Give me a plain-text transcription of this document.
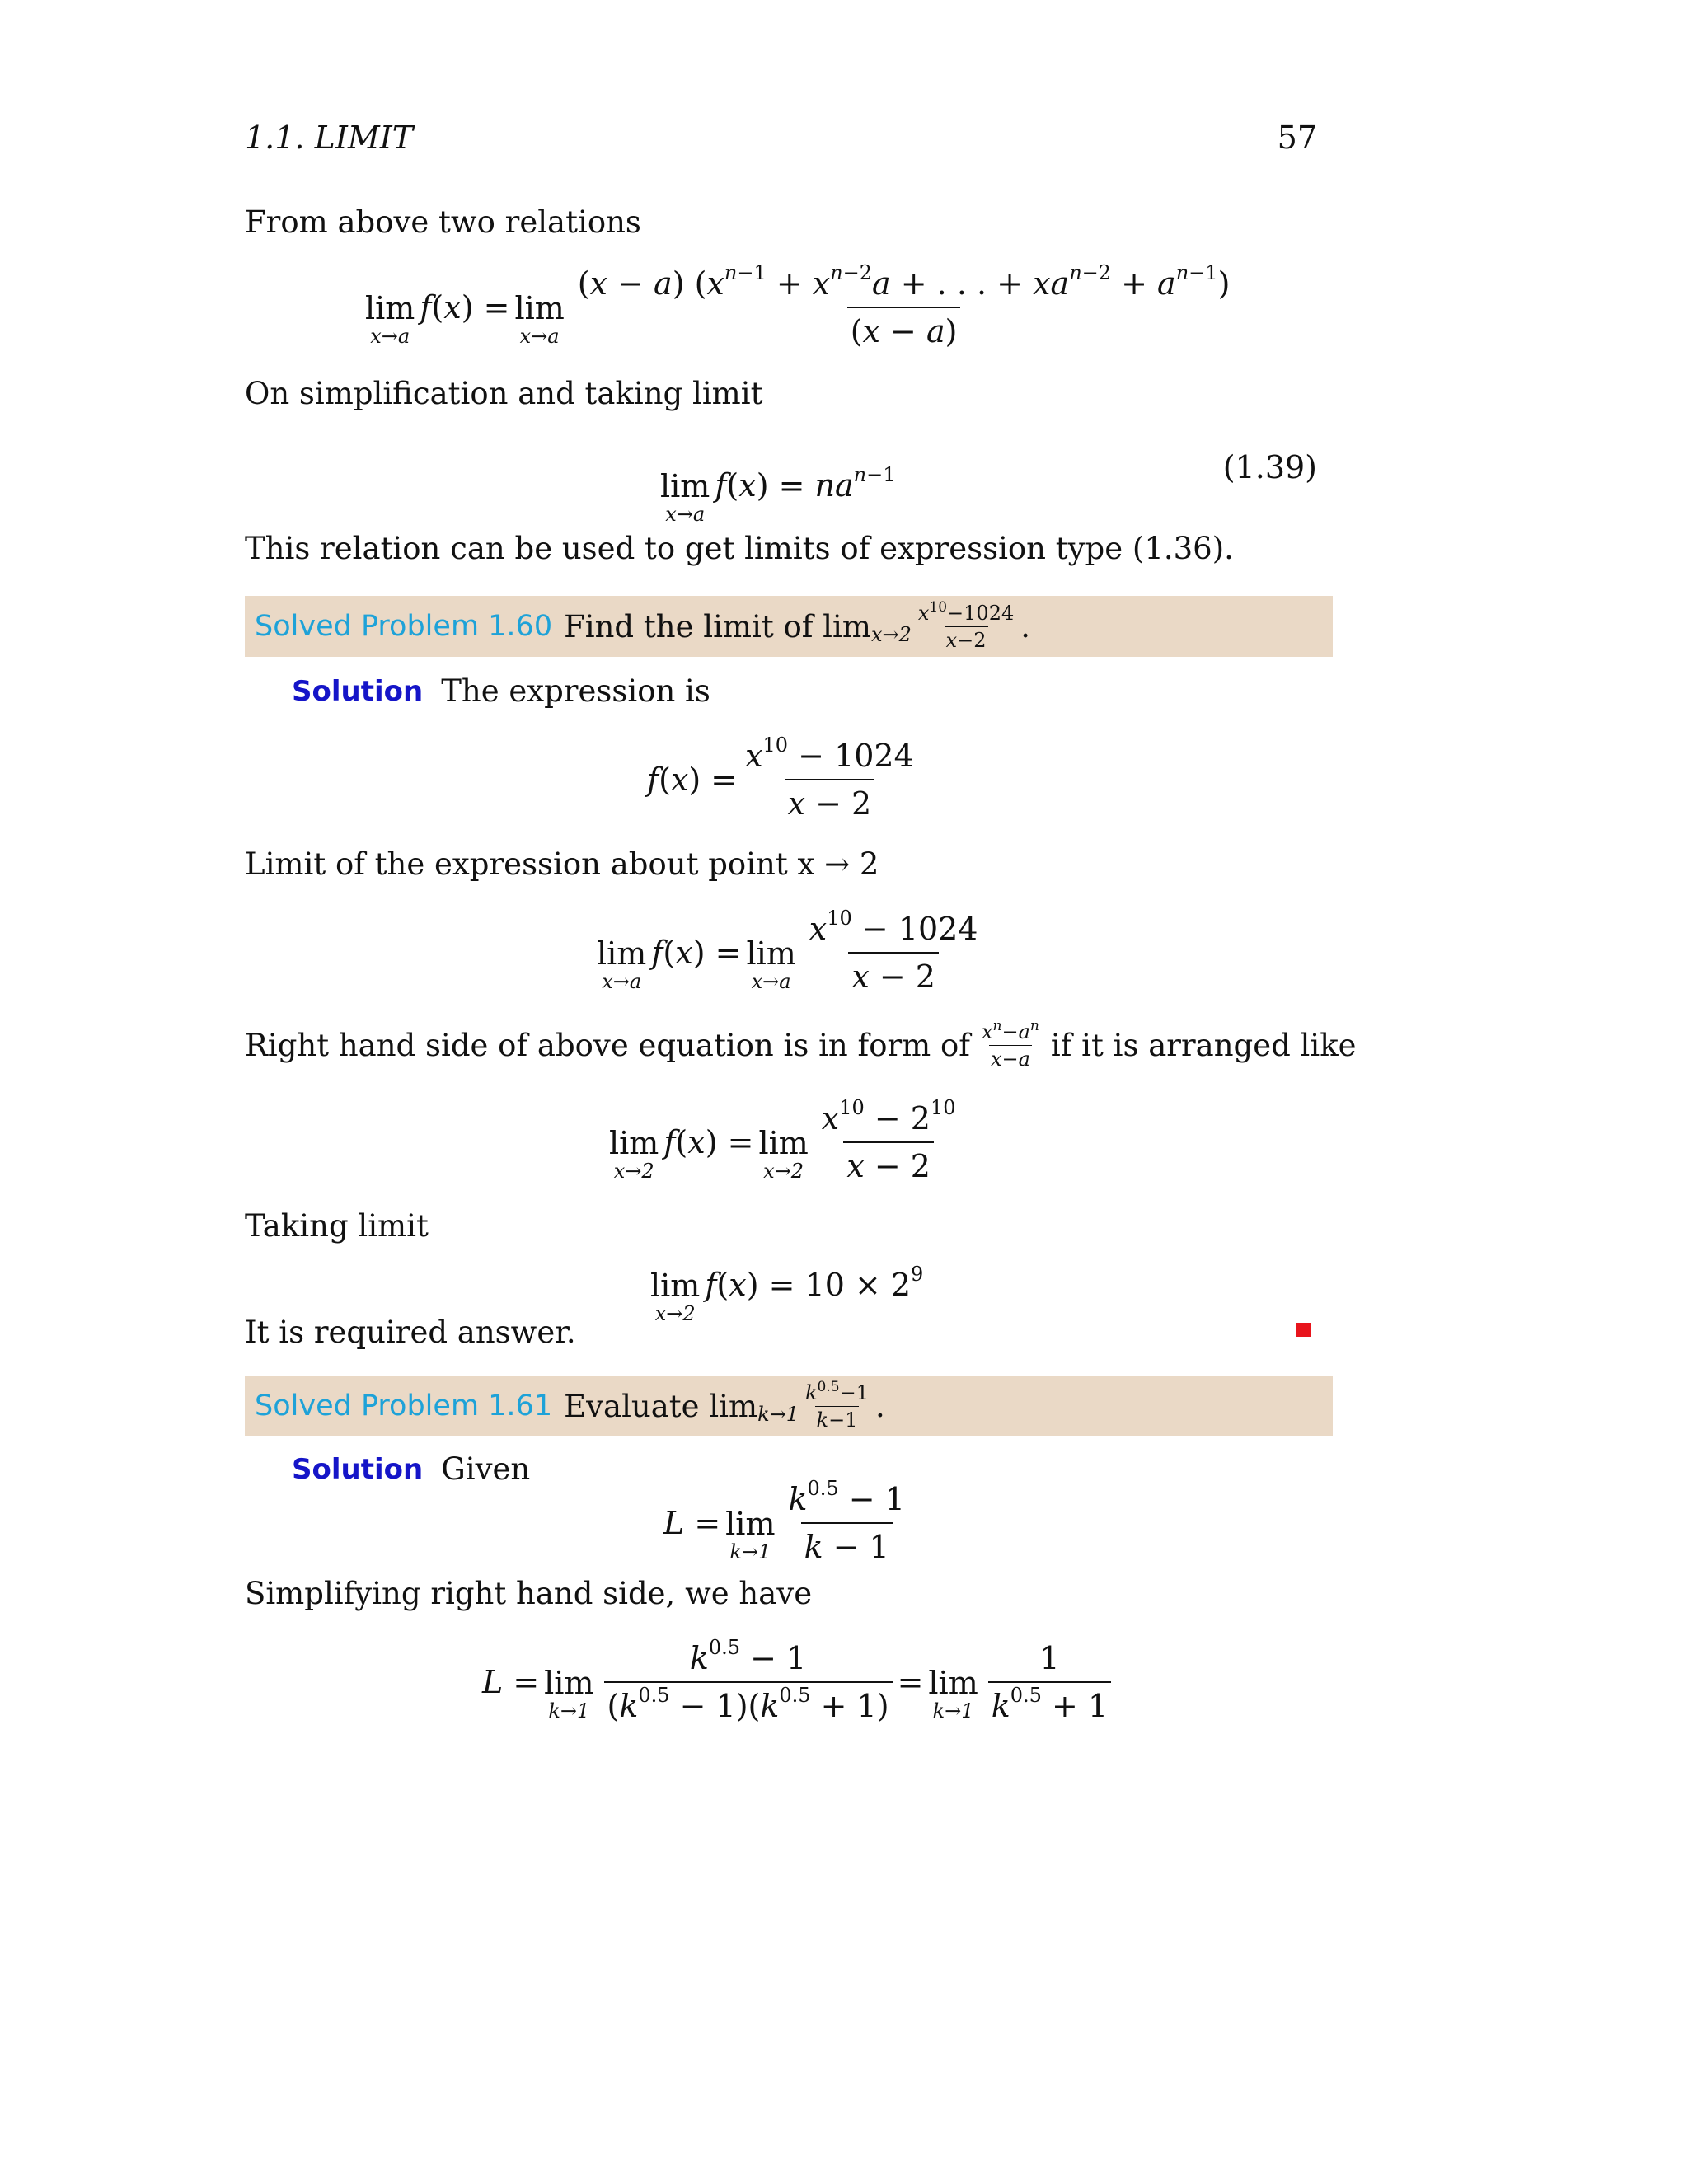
1.1. LIMIT	57
From above two relations
lim
x→a
f(x) = lim
$x\to a \frac{(x - a) (x^{n-1} + x^{n-2}a + . . . + xa^{n-2} + a^{n-1})}{(x - a)}$
On simplification and taking limit
lim
x→a
$f(x) = na^{n-1}$	(1.39)
This relation can be used to get limits of expression type (1.36).
Solved Problem 1.60 Find the limit of $\lim x\to 2 \frac{x^{10}-1024}{x-2}$ .
Solution The expression is
$f(x) = \frac{x^{10} - 1024}{x - 2}$
Limit of the expression about point x → 2
lim
x→a
f(x) = lim
$x\to a \frac{x^{10} - 1024}{x - 2}$
Right hand side of above equation is in form of $\frac{x^n-a^n}{x-a}$ if it is arranged like
lim
x→2
f(x) = lim
$x\to 2 \frac{x^{10} - 2^{10}}{x - 2}$
Taking limit
lim
x→2
$f(x) = 10 \times 2^9$
It is required answer.
Solved Problem 1.61 Evaluate $\lim k\to 1 \frac{k^{0.5}-1}{k-1}$ .
Solution Given
L = lim
$k\to 1 \frac{k^{0.5} - 1}{k - 1}$
Simplifying right hand side, we have
L = lim
$k\to 1 \frac{k^{0.5} - 1}{(k^{0.5} - 1)(k^{0.5} + 1)} = \lim$
$k\to 1 \frac{1}{k^{0.5} + 1}$
